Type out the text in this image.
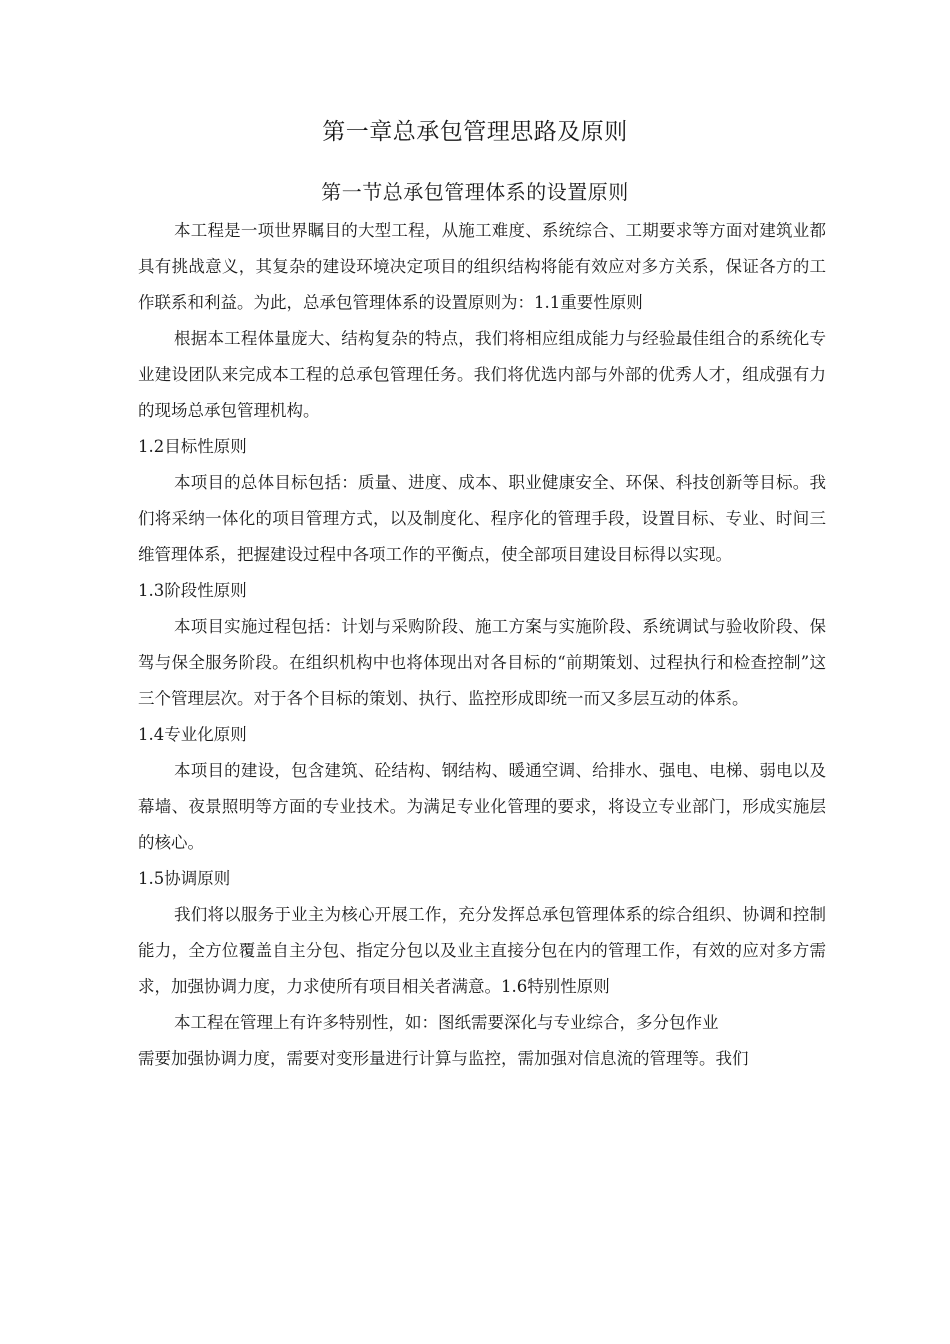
第一章总承包管理思路及原则
第一节总承包管理体系的设置原则

本工程是一项世界瞩目的大型工程，从施工难度、系统综合、工期要求等方面对建筑业都具有挑战意义，其复杂的建设环境决定项目的组织结构将能有效应对多方关系，保证各方的工作联系和利益。为此，总承包管理体系的设置原则为：1.1重要性原则

根据本工程体量庞大、结构复杂的特点，我们将相应组成能力与经验最佳组合的系统化专业建设团队来完成本工程的总承包管理任务。我们将优选内部与外部的优秀人才，组成强有力的现场总承包管理机构。

1.2目标性原则

本项目的总体目标包括：质量、进度、成本、职业健康安全、环保、科技创新等目标。我们将采纳一体化的项目管理方式，以及制度化、程序化的管理手段，设置目标、专业、时间三维管理体系，把握建设过程中各项工作的平衡点，使全部项目建设目标得以实现。

1.3阶段性原则

本项目实施过程包括：计划与采购阶段、施工方案与实施阶段、系统调试与验收阶段、保驾与保全服务阶段。在组织机构中也将体现出对各目标的“前期策划、过程执行和检查控制”这三个管理层次。对于各个目标的策划、执行、监控形成即统一而又多层互动的体系。

1.4专业化原则

本项目的建设，包含建筑、砼结构、钢结构、暖通空调、给排水、强电、电梯、弱电以及幕墙、夜景照明等方面的专业技术。为满足专业化管理的要求，将设立专业部门，形成实施层的核心。

1.5协调原则

我们将以服务于业主为核心开展工作，充分发挥总承包管理体系的综合组织、协调和控制能力，全方位覆盖自主分包、指定分包以及业主直接分包在内的管理工作，有效的应对多方需求，加强协调力度，力求使所有项目相关者满意。1.6特别性原则

本工程在管理上有许多特别性，如：图纸需要深化与专业综合，多分包作业

需要加强协调力度，需要对变形量进行计算与监控，需加强对信息流的管理等。我们
